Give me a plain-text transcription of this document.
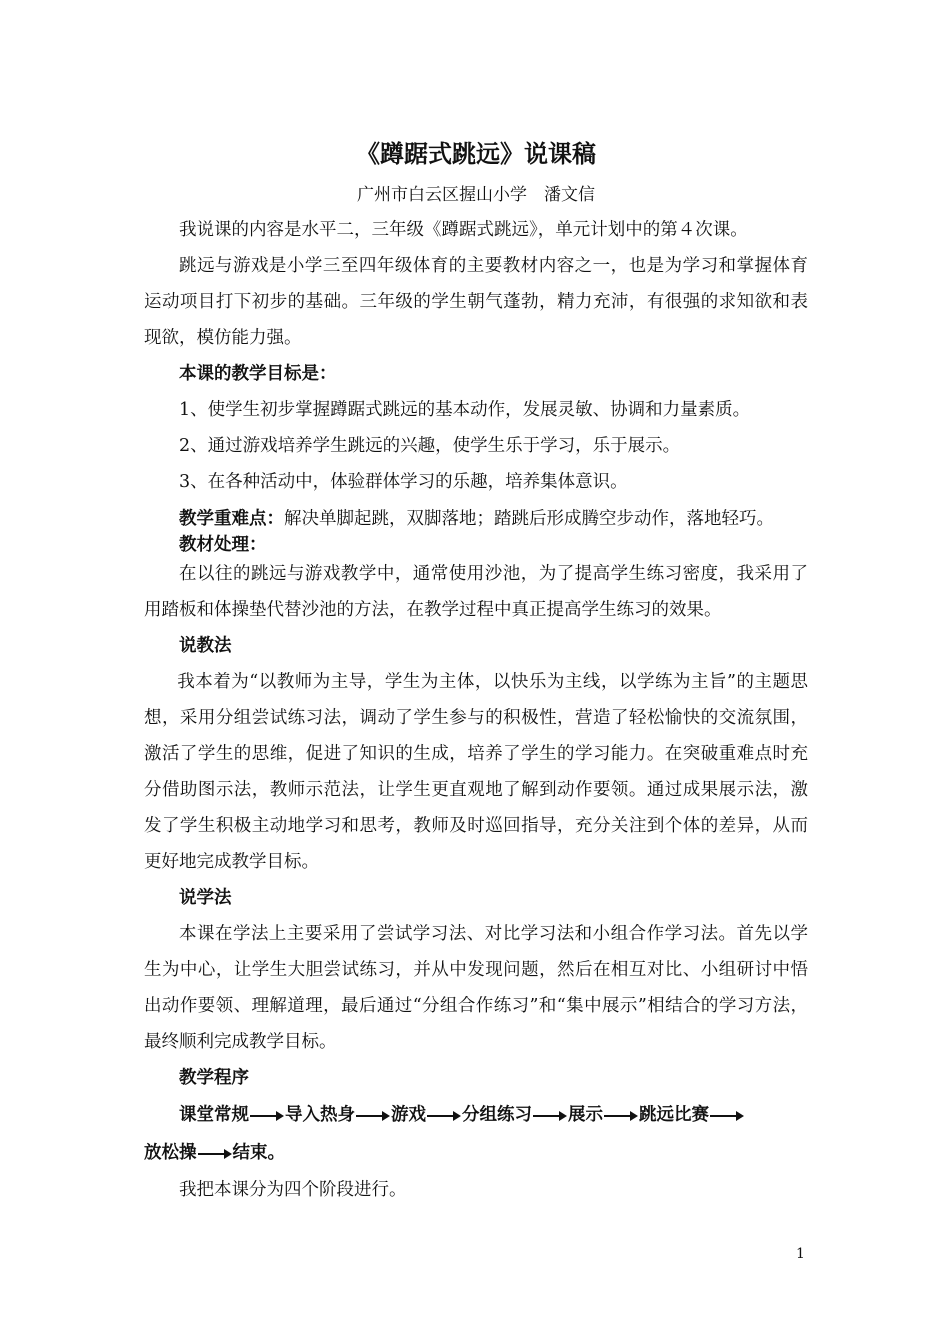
《蹲踞式跳远》说课稿
广州市白云区握山小学　潘文信

我说课的内容是水平二，三年级《蹲踞式跳远》，单元计划中的第４次课。

跳远与游戏是小学三至四年级体育的主要教材内容之一，也是为学习和掌握体育运动项目打下初步的基础。三年级的学生朝气蓬勃，精力充沛，有很强的求知欲和表现欲，模仿能力强。

本课的教学目标是：

1、使学生初步掌握蹲踞式跳远的基本动作，发展灵敏、协调和力量素质。

2、通过游戏培养学生跳远的兴趣，使学生乐于学习，乐于展示。

3、在各种活动中，体验群体学习的乐趣，培养集体意识。

教学重难点：解决单脚起跳，双脚落地；踏跳后形成腾空步动作，落地轻巧。

教材处理：

在以往的跳远与游戏教学中，通常使用沙池，为了提高学生练习密度，我采用了用踏板和体操垫代替沙池的方法，在教学过程中真正提高学生练习的效果。

说教法

我本着为“以教师为主导，学生为主体，以快乐为主线，以学练为主旨”的主题思想，采用分组尝试练习法，调动了学生参与的积极性，营造了轻松愉快的交流氛围，激活了学生的思维，促进了知识的生成，培养了学生的学习能力。在突破重难点时充分借助图示法，教师示范法，让学生更直观地了解到动作要领。通过成果展示法，激发了学生积极主动地学习和思考，教师及时巡回指导，充分关注到个体的差异，从而更好地完成教学目标。

说学法

本课在学法上主要采用了尝试学习法、对比学习法和小组合作学习法。首先以学生为中心，让学生大胆尝试练习，并从中发现问题，然后在相互对比、小组研讨中悟出动作要领、理解道理，最后通过“分组合作练习”和“集中展示”相结合的学习方法，最终顺利完成教学目标。

教学程序

课堂常规 导入热身 游戏 分组练习 展示 跳远比赛
放松操 结束。

我把本课分为四个阶段进行。

1
